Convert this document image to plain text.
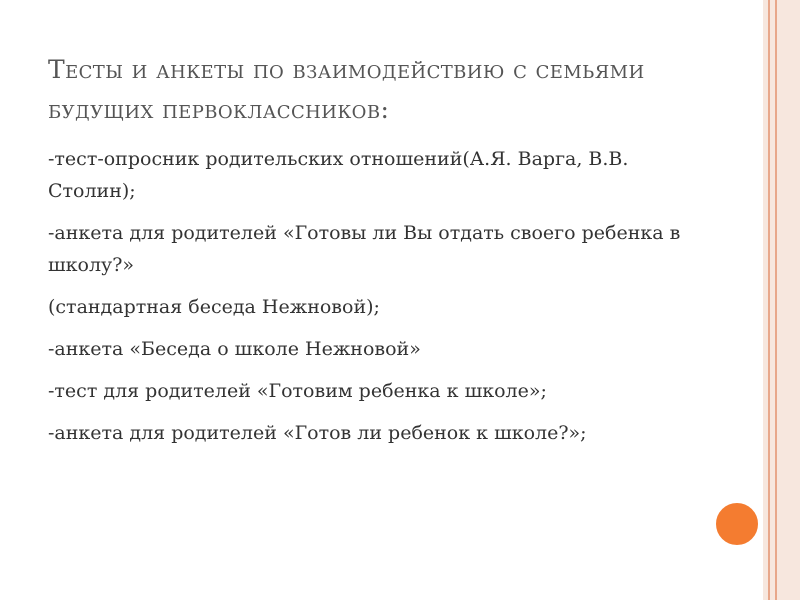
Тесты и анкеты по взаимодействию с семьями будущих первоклассников:
-тест-опросник родительских отношений(А.Я. Варга, В.В. Столин);
-анкета для родителей «Готовы ли Вы отдать своего ребенка в школу?»
(стандартная беседа Нежновой);
-анкета «Беседа о школе Нежновой»
-тест для родителей «Готовим ребенка к школе»;
-анкета для родителей «Готов ли ребенок к школе?»;
